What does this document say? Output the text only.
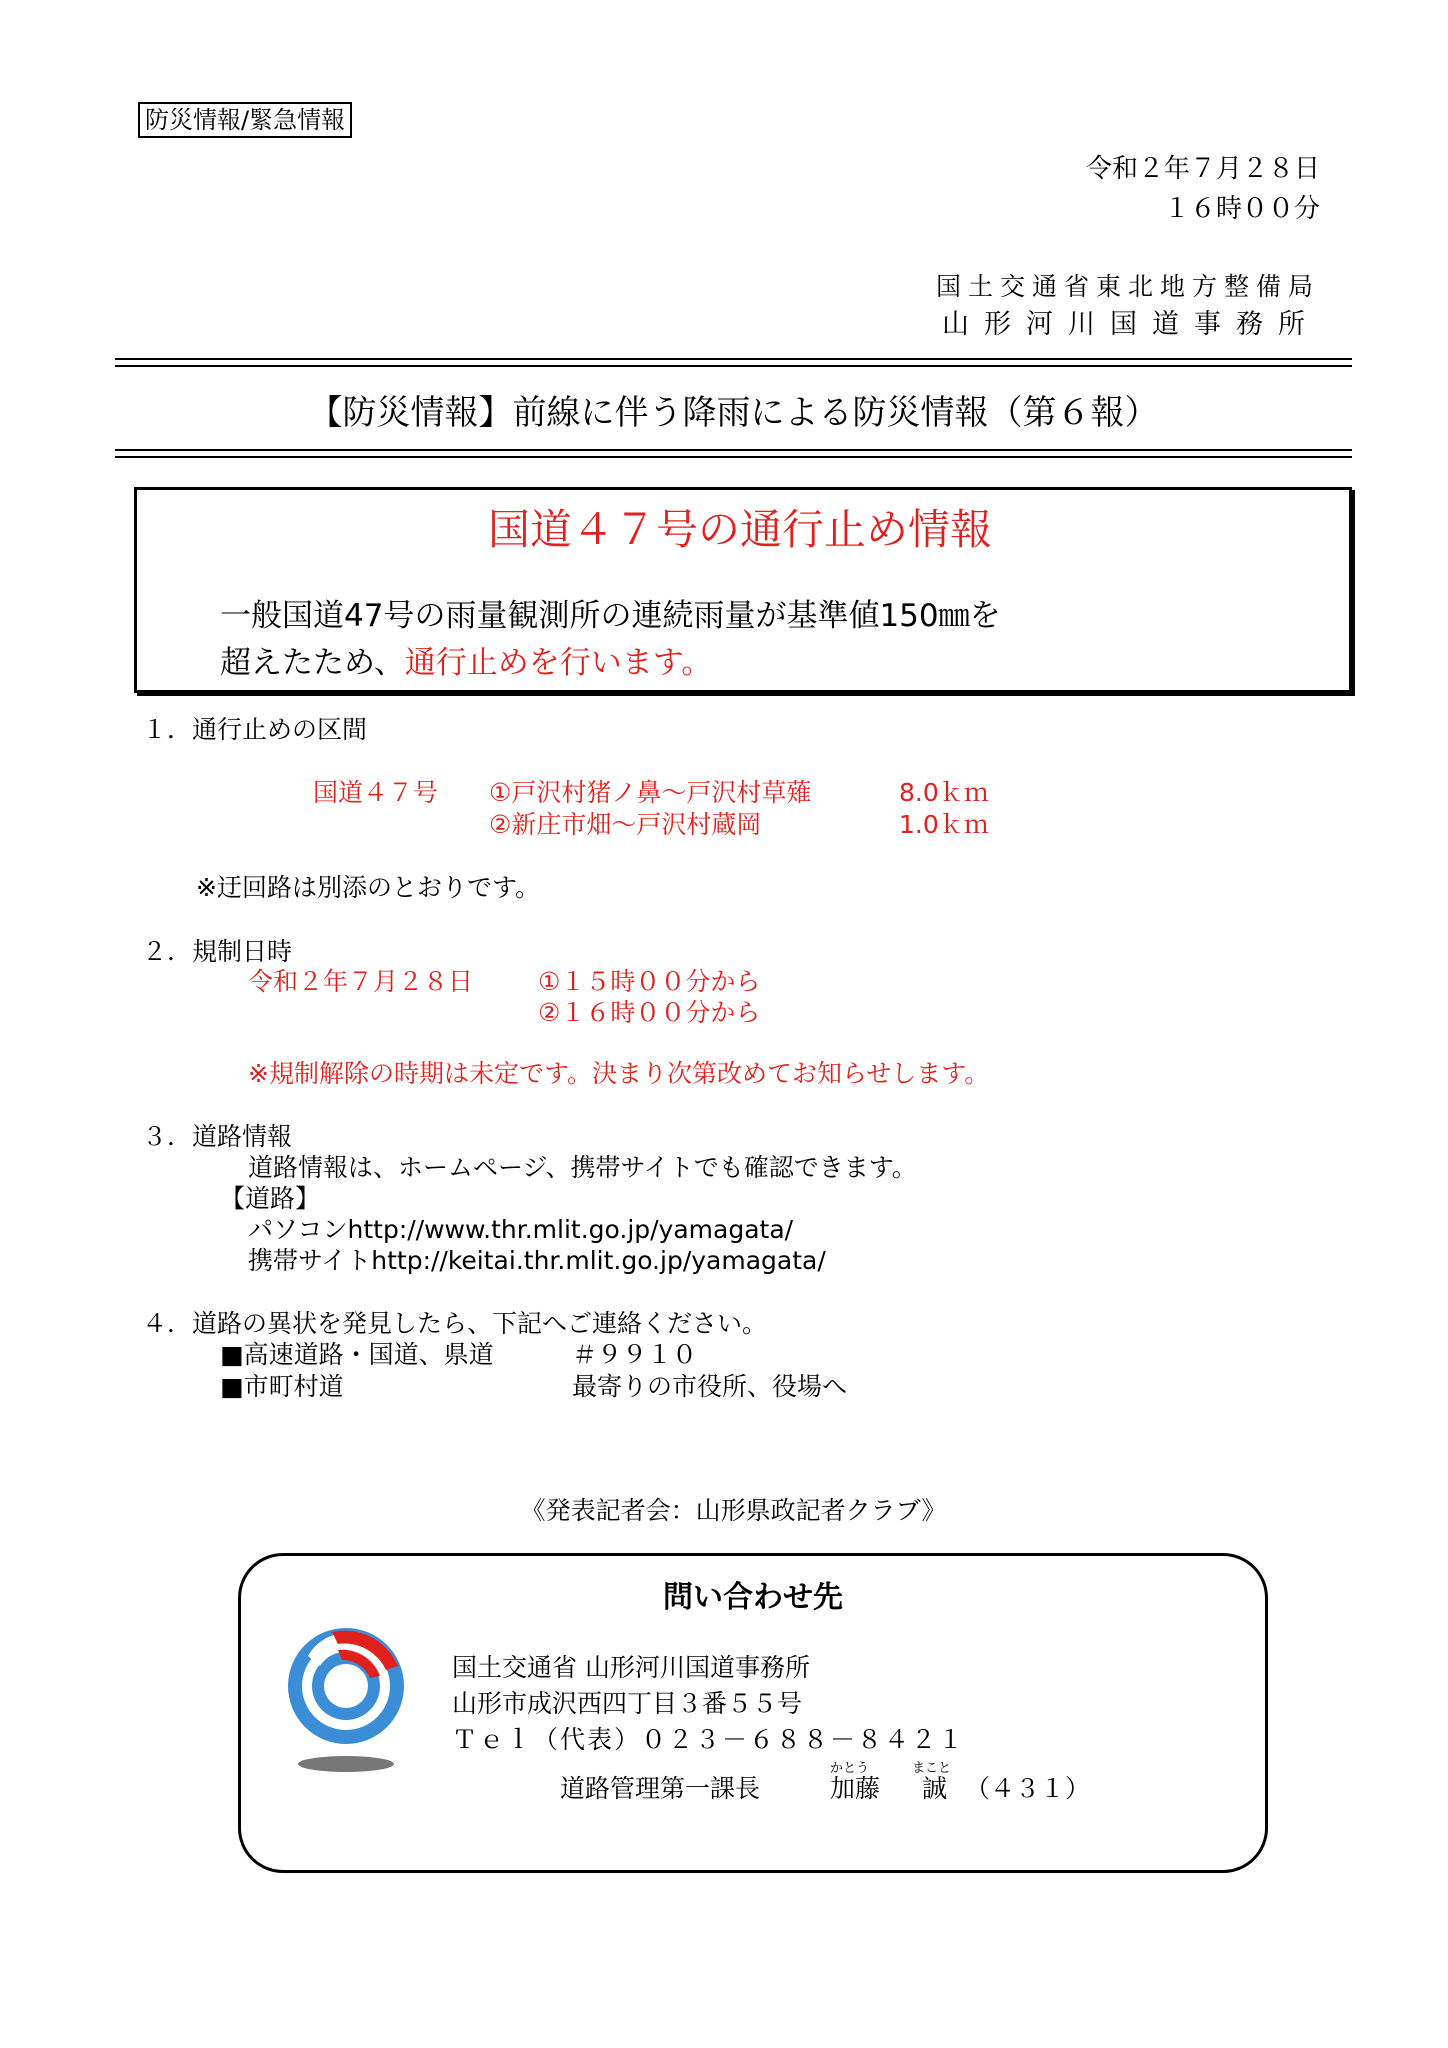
防災情報/緊急情報
令和２年７月２８日
１６時００分
国土交通省東北地方整備局
山形河川国道事務所
【防災情報】前線に伴う降雨による防災情報（第６報）
国道４７号の通行止め情報
一般国道47号の雨量観測所の連続雨量が基準値150㎜を
超えたため、通行止めを行います。
１．通行止めの区間
国道４７号 ①戸沢村猪ノ鼻～戸沢村草薙	8.0ｋｍ
②新庄市畑～戸沢村蔵岡	1.0ｋｍ
※迂回路は別添のとおりです。
２．規制日時
令和２年７月２８日	①１５時００分から
②１６時００分から
※規制解除の時期は未定です。決まり次第改めてお知らせします。
３．道路情報
道路情報は、ホームページ、携帯サイトでも確認できます。
【道路】
パソコンhttp://www.thr.mlit.go.jp/yamagata/
携帯サイトhttp://keitai.thr.mlit.go.jp/yamagata/
４．道路の異状を発見したら、下記へご連絡ください。
■高速道路・国道、県道	＃９９１０
■市町村道	最寄りの市役所、役場へ
《発表記者会：山形県政記者クラブ》
問い合わせ先
国土交通省 山形河川国道事務所
山形市成沢西四丁目３番５５号
Ｔｅｌ（代表）０２３－６８８－８４２１
道路管理第一課長
かとう
加藤
まこと
誠 （４３１）
